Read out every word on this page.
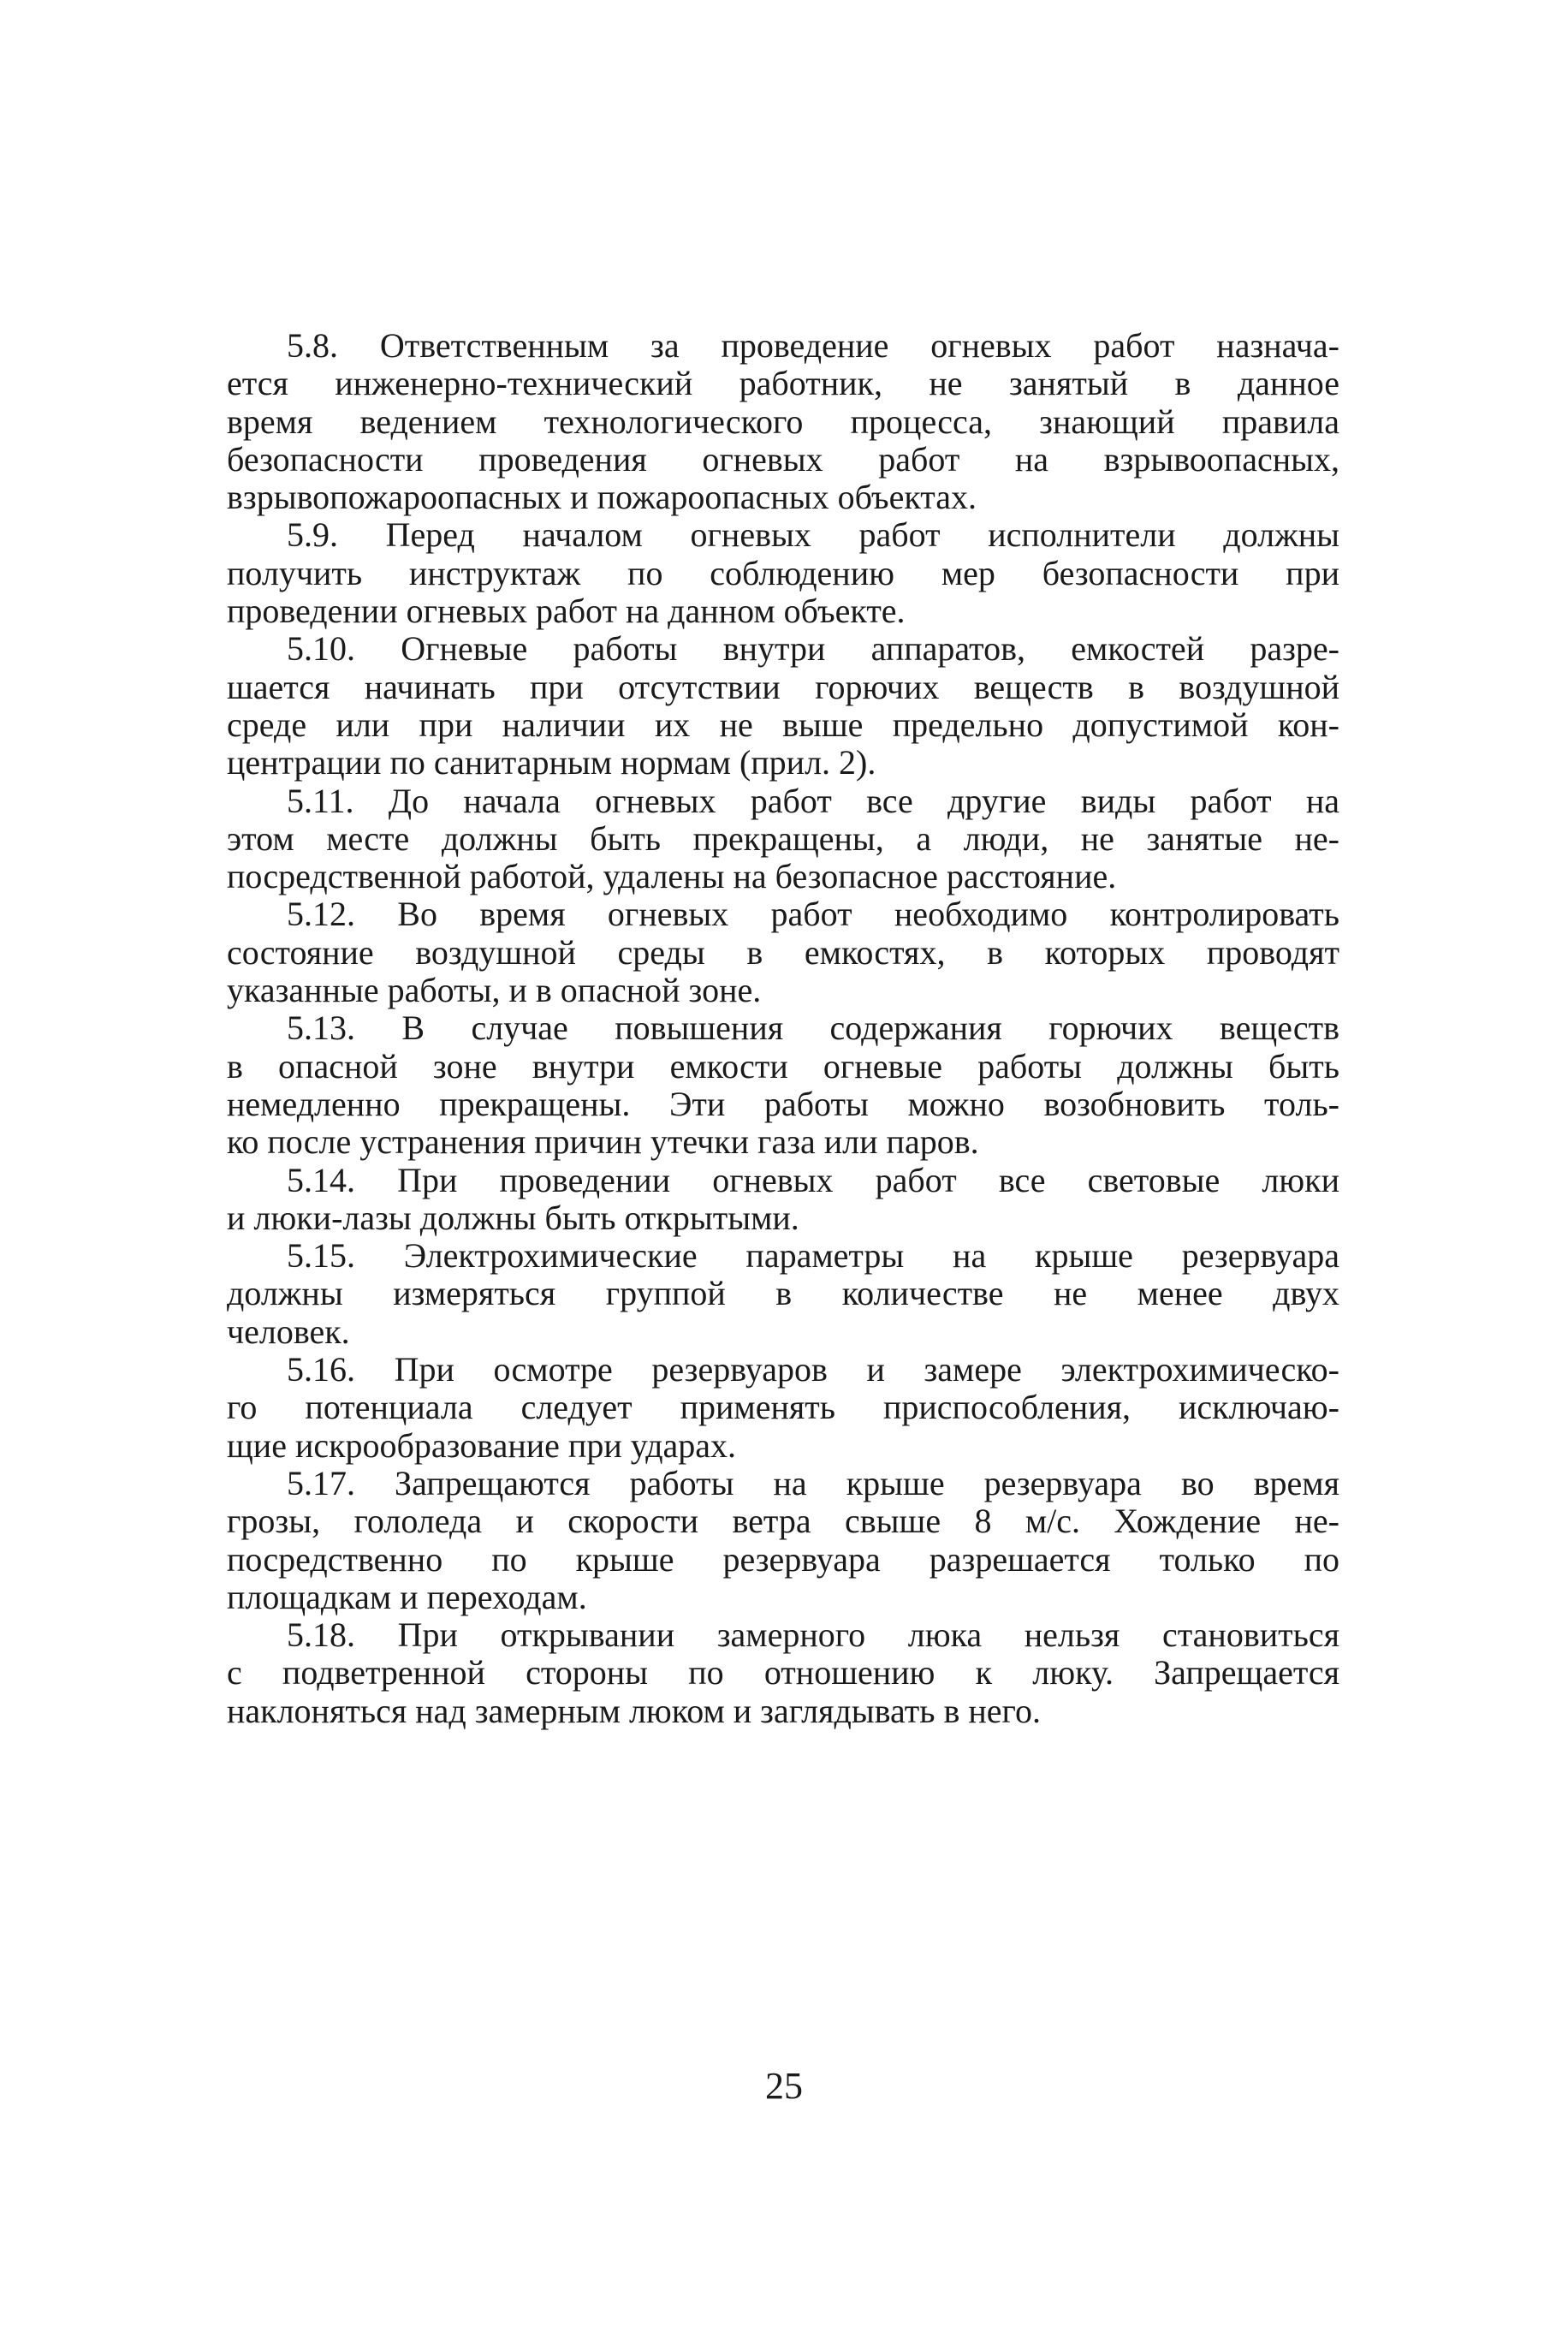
5.8. Ответственным за проведение огневых работ назнача-
ется инженерно-технический работник, не занятый в данное
время ведением технологического процесса, знающий правила
безопасности проведения огневых работ на взрывоопасных,
взрывопожароопасных и пожароопасных объектах.

5.9. Перед началом огневых работ исполнители должны
получить инструктаж по соблюдению мер безопасности при
проведении огневых работ на данном объекте.

5.10. Огневые работы внутри аппаратов, емкостей разре-
шается начинать при отсутствии горючих веществ в воздушной
среде или при наличии их не выше предельно допустимой кон-
центрации по санитарным нормам (прил. 2).

5.11. До начала огневых работ все другие виды работ на
этом месте должны быть прекращены, а люди, не занятые не-
посредственной работой, удалены на безопасное расстояние.

5.12. Во время огневых работ необходимо контролировать
состояние воздушной среды в емкостях, в которых проводят
указанные работы, и в опасной зоне.

5.13. В случае повышения содержания горючих веществ
в опасной зоне внутри емкости огневые работы должны быть
немедленно прекращены. Эти работы можно возобновить толь-
ко после устранения причин утечки газа или паров.

5.14. При проведении огневых работ все световые люки
и люки-лазы должны быть открытыми.

5.15. Электрохимические параметры на крыше резервуара
должны измеряться группой в количестве не менее двух
человек.

5.16. При осмотре резервуаров и замере электрохимическо-
го потенциала следует применять приспособления, исключаю-
щие искрообразование при ударах.

5.17. Запрещаются работы на крыше резервуара во время
грозы, гололеда и скорости ветра свыше 8 м/с. Хождение не-
посредственно по крыше резервуара разрешается только по
площадкам и переходам.

5.18. При открывании замерного люка нельзя становиться
с подветренной стороны по отношению к люку. Запрещается
наклоняться над замерным люком и заглядывать в него.

25
